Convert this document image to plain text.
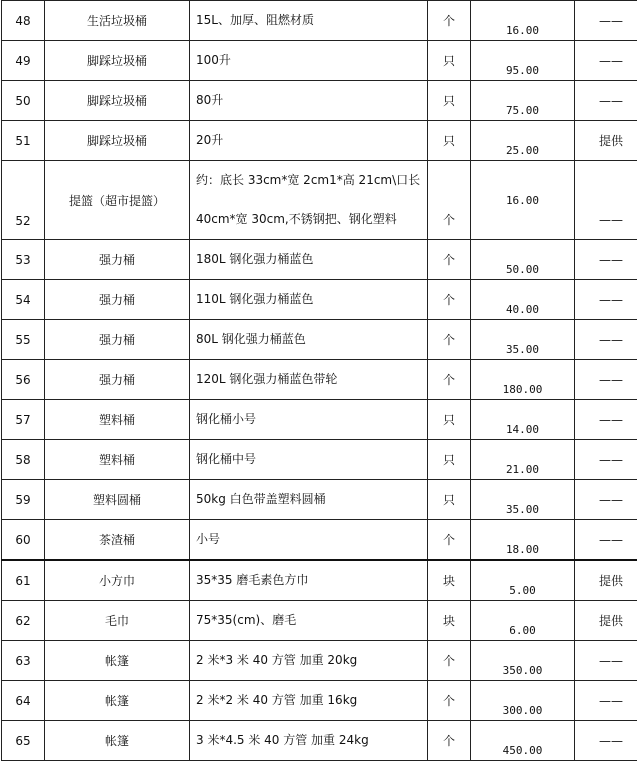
48	生活垃圾桶	15L、加厚、阻燃材质	个	16.00	——
49	脚踩垃圾桶	100升	只	95.00	——
50	脚踩垃圾桶	80升	只	75.00	——
51	脚踩垃圾桶	20升	只	25.00	提供
52	提篮（超市提篮）	约：底长 33cm*宽 2cm1*高 21cm\口长
40cm*宽 30cm,不锈钢把、钢化塑料	个	16.00	——
53	强力桶	180L 钢化强力桶蓝色	个	50.00	——
54	强力桶	110L 钢化强力桶蓝色	个	40.00	——
55	强力桶	80L 钢化强力桶蓝色	个	35.00	——
56	强力桶	120L 钢化强力桶蓝色带轮	个	180.00	——
57	塑料桶	钢化桶小号	只	14.00	——
58	塑料桶	钢化桶中号	只	21.00	——
59	塑料圆桶	50kg 白色带盖塑料圆桶	只	35.00	——
60	茶渣桶	小号	个	18.00	——
61	小方巾	35*35 磨毛素色方巾	块	5.00	提供
62	毛巾	75*35(cm)、磨毛	块	6.00	提供
63	帐篷	2 米*3 米 40 方管 加重 20kg	个	350.00	——
64	帐篷	2 米*2 米 40 方管 加重 16kg	个	300.00	——
65	帐篷	3 米*4.5 米 40 方管 加重 24kg	个	450.00	——
